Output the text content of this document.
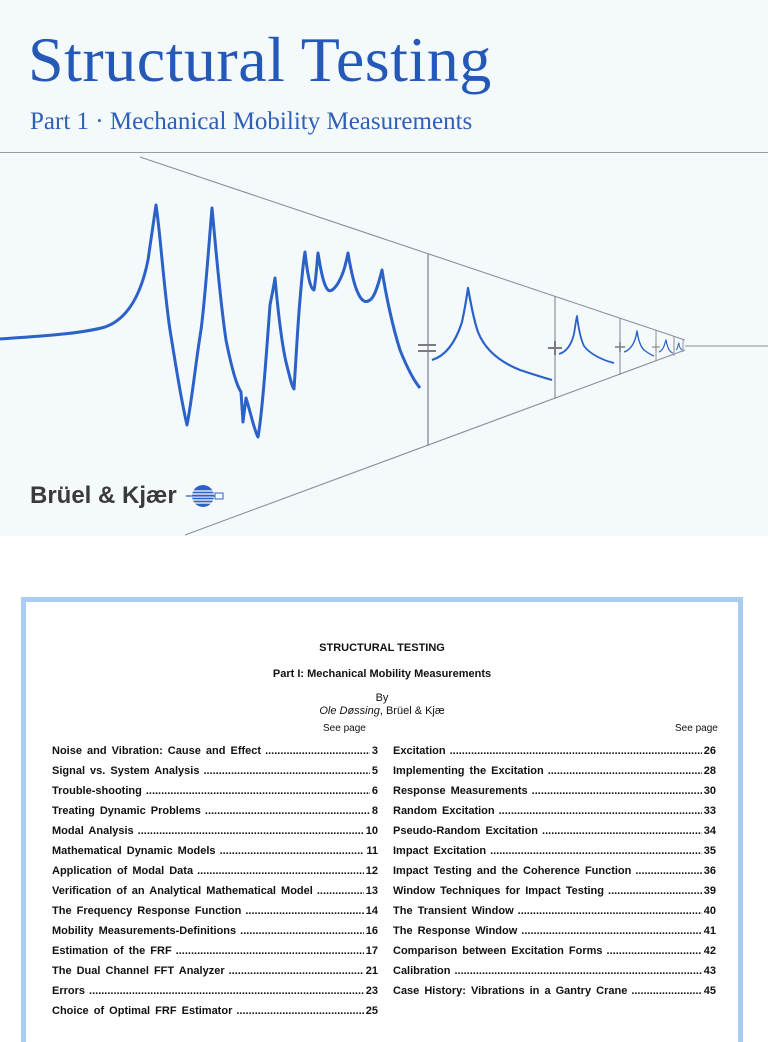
Structural Testing
Part 1 · Mechanical Mobility Measurements
Brüel & Kjær
STRUCTURAL TESTING
Part I: Mechanical Mobility Measurements
By
Ole Døssing, Brüel & Kjæ
See page	See page
Noise and Vibration: Cause and Effect .....	3
Signal vs. System Analysis .....	5
Trouble-shooting .....	6
Treating Dynamic Problems .....	8
Modal Analysis .....	10
Mathematical Dynamic Models .....	11
Application of Modal Data .....	12
Verification of an Analytical Mathematical Model .....	13
The Frequency Response Function .....	14
Mobility Measurements-Definitions .....	16
Estimation of the FRF .....	17
The Dual Channel FFT Analyzer .....	21
Errors .....	23
Choice of Optimal FRF Estimator .....	25
Excitation .....	26
Implementing the Excitation .....	28
Response Measurements .....	30
Random Excitation .....	33
Pseudo-Random Excitation .....	34
Impact Excitation .....	35
Impact Testing and the Coherence Function .....	36
Window Techniques for Impact Testing .....	39
The Transient Window .....	40
The Response Window .....	41
Comparison between Excitation Forms .....	42
Calibration .....	43
Case History: Vibrations in a Gantry Crane .....	45
